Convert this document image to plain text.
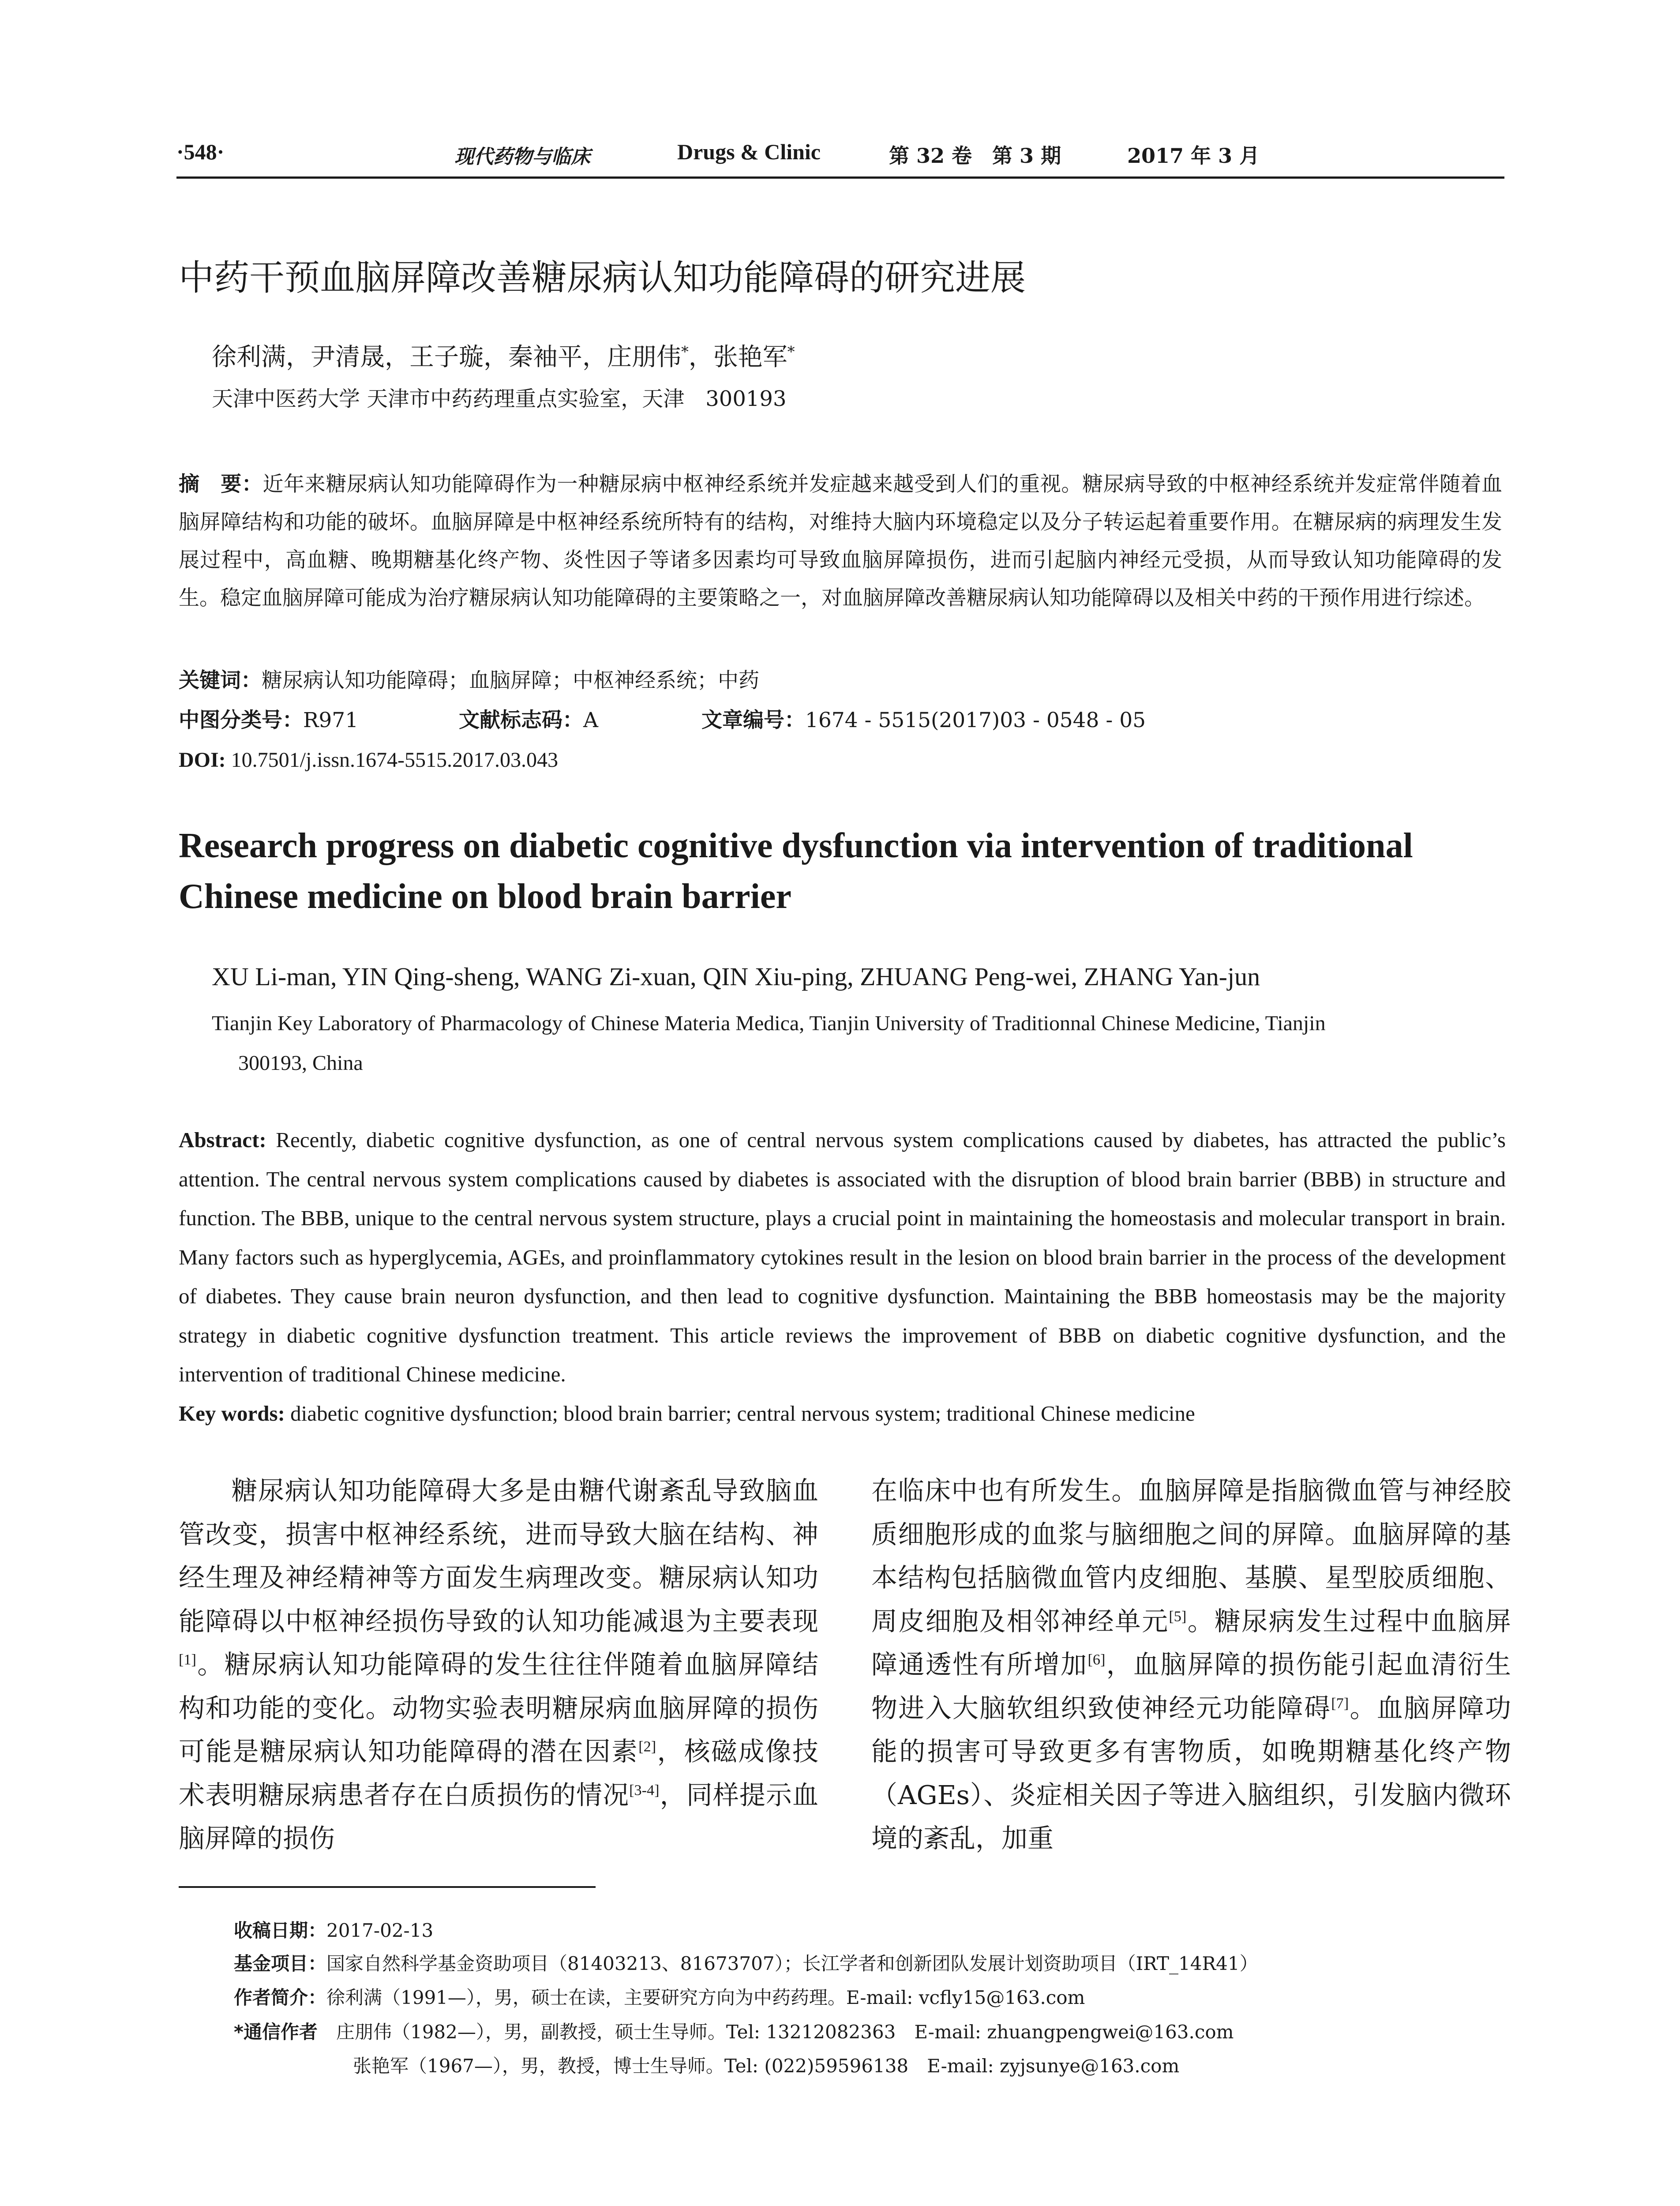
·548·	现代药物与临床	Drugs & Clinic	第 32 卷　第 3 期	2017 年 3 月
中药干预血脑屏障改善糖尿病认知功能障碍的研究进展
徐利满，尹清晟，王子璇，秦袖平，庄朋伟*，张艳军*
天津中医药大学 天津市中药药理重点实验室，天津　300193
摘　要：近年来糖尿病认知功能障碍作为一种糖尿病中枢神经系统并发症越来越受到人们的重视。糖尿病导致的中枢神经系统并发症常伴随着血脑屏障结构和功能的破坏。血脑屏障是中枢神经系统所特有的结构，对维持大脑内环境稳定以及分子转运起着重要作用。在糖尿病的病理发生发展过程中，高血糖、晚期糖基化终产物、炎性因子等诸多因素均可导致血脑屏障损伤，进而引起脑内神经元受损，从而导致认知功能障碍的发生。稳定血脑屏障可能成为治疗糖尿病认知功能障碍的主要策略之一，对血脑屏障改善糖尿病认知功能障碍以及相关中药的干预作用进行综述。
关键词：糖尿病认知功能障碍；血脑屏障；中枢神经系统；中药
中图分类号：R971	文献标志码：A	文章编号：1674 - 5515(2017)03 - 0548 - 05
DOI: 10.7501/j.issn.1674-5515.2017.03.043
Research progress on diabetic cognitive dysfunction via intervention of traditional Chinese medicine on blood brain barrier
XU Li-man, YIN Qing-sheng, WANG Zi-xuan, QIN Xiu-ping, ZHUANG Peng-wei, ZHANG Yan-jun
Tianjin Key Laboratory of Pharmacology of Chinese Materia Medica, Tianjin University of Traditionnal Chinese Medicine, Tianjin
300193, China
Abstract: Recently, diabetic cognitive dysfunction, as one of central nervous system complications caused by diabetes, has attracted the public’s attention. The central nervous system complications caused by diabetes is associated with the disruption of blood brain barrier (BBB) in structure and function. The BBB, unique to the central nervous system structure, plays a crucial point in maintaining the homeostasis and molecular transport in brain. Many factors such as hyperglycemia, AGEs, and proinflammatory cytokines result in the lesion on blood brain barrier in the process of the development of diabetes. They cause brain neuron dysfunction, and then lead to cognitive dysfunction. Maintaining the BBB homeostasis may be the majority strategy in diabetic cognitive dysfunction treatment. This article reviews the improvement of BBB on diabetic cognitive dysfunction, and the intervention of traditional Chinese medicine.
Key words: diabetic cognitive dysfunction; blood brain barrier; central nervous system; traditional Chinese medicine
糖尿病认知功能障碍大多是由糖代谢紊乱导致脑血管改变，损害中枢神经系统，进而导致大脑在结构、神经生理及神经精神等方面发生病理改变。糖尿病认知功能障碍以中枢神经损伤导致的认知功能减退为主要表现[1]。糖尿病认知功能障碍的发生往往伴随着血脑屏障结构和功能的变化。动物实验表明糖尿病血脑屏障的损伤可能是糖尿病认知功能障碍的潜在因素[2]，核磁成像技术表明糖尿病患者存在白质损伤的情况[3-4]，同样提示血脑屏障的损伤
在临床中也有所发生。血脑屏障是指脑微血管与神经胶质细胞形成的血浆与脑细胞之间的屏障。血脑屏障的基本结构包括脑微血管内皮细胞、基膜、星型胶质细胞、周皮细胞及相邻神经单元[5]。糖尿病发生过程中血脑屏障通透性有所增加[6]，血脑屏障的损伤能引起血清衍生物进入大脑软组织致使神经元功能障碍[7]。血脑屏障功能的损害可导致更多有害物质，如晚期糖基化终产物（AGEs）、炎症相关因子等进入脑组织，引发脑内微环境的紊乱，加重
收稿日期：2017-02-13
基金项目：国家自然科学基金资助项目（81403213、81673707）；长江学者和创新团队发展计划资助项目（IRT_14R41）
作者简介：徐利满（1991—），男，硕士在读，主要研究方向为中药药理。E-mail: vcfly15@163.com
*通信作者　庄朋伟（1982—），男，副教授，硕士生导师。Tel: 13212082363　E-mail: zhuangpengwei@163.com
张艳军（1967—），男，教授，博士生导师。Tel: (022)59596138　E-mail: zyjsunye@163.com
